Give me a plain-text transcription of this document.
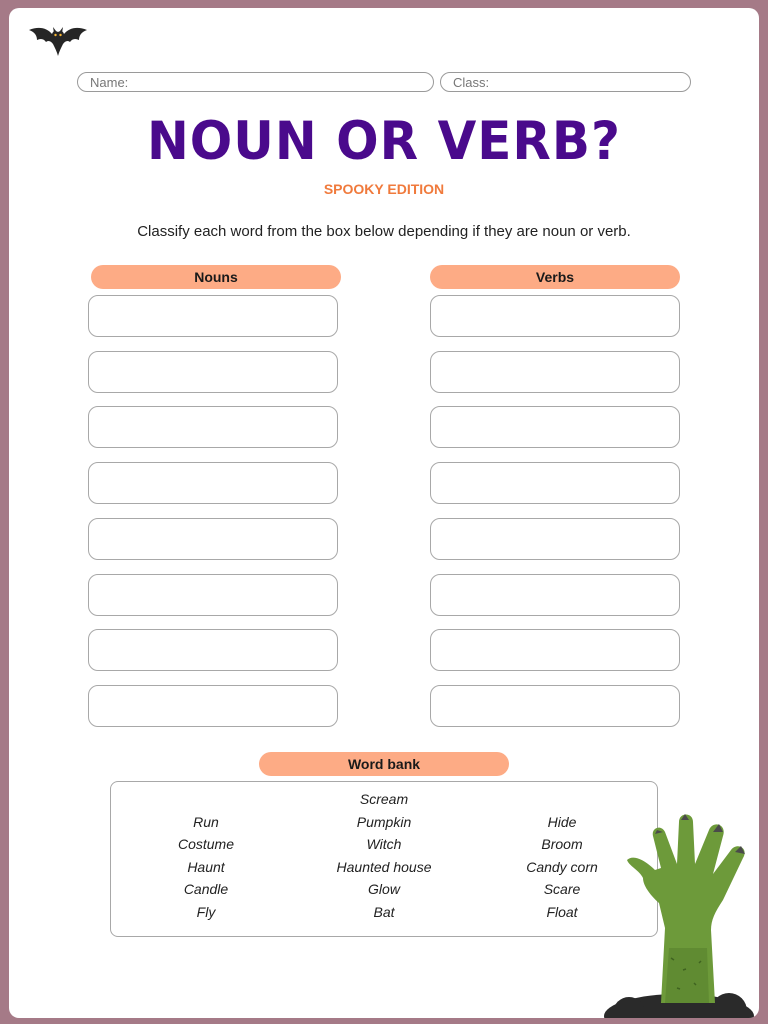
Name:	Class:
NOUN OR VERB?
SPOOKY EDITION
Classify each word from the box below depending if they are noun or verb.
Nouns	Verbs
Word bank
Scream
Run
Costume
Haunt
Candle
Fly
Pumpkin
Witch
Haunted house
Glow
Bat
Hide
Broom
Candy corn
Scare
Float
